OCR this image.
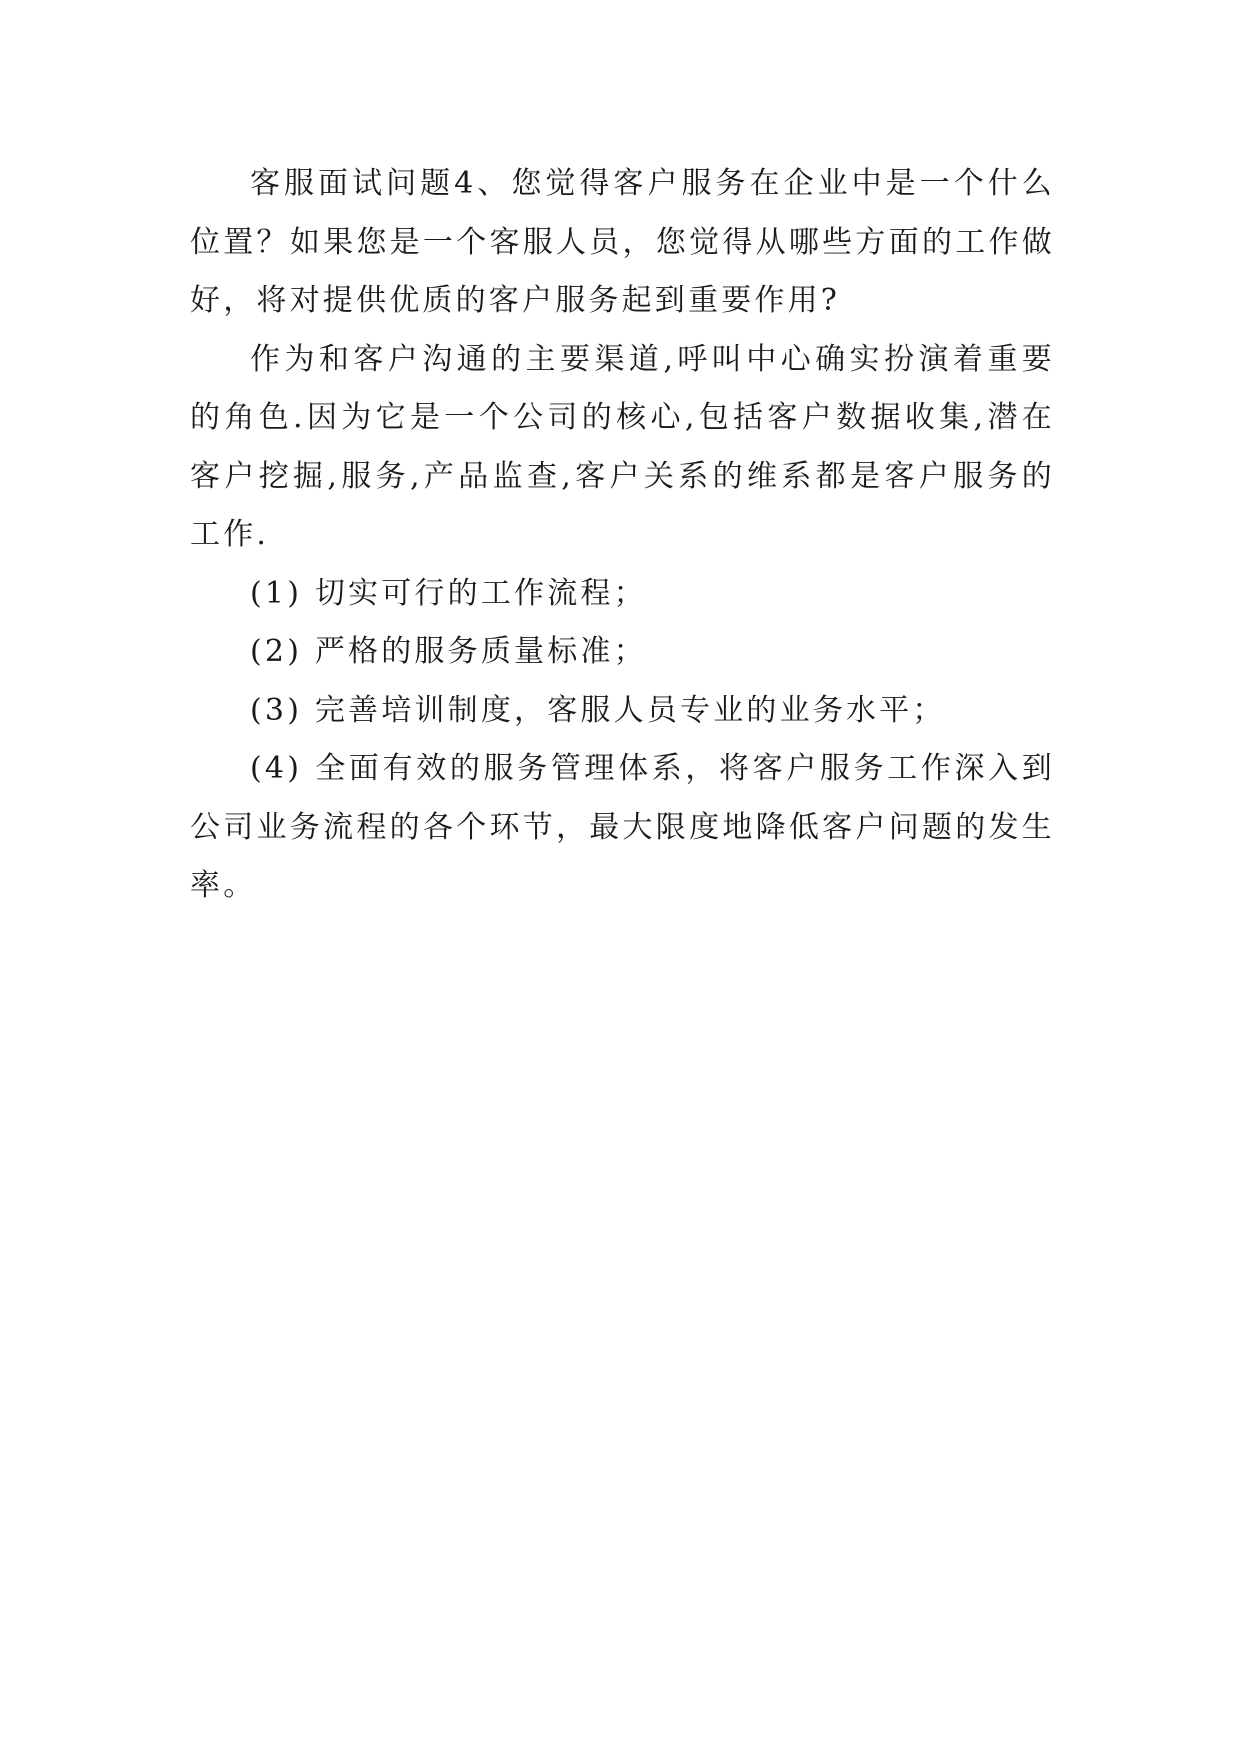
客服面试问题4、您觉得客户服务在企业中是一个什么位置？如果您是一个客服人员，您觉得从哪些方面的工作做好，将对提供优质的客户服务起到重要作用?

作为和客户沟通的主要渠道,呼叫中心确实扮演着重要的角色.因为它是一个公司的核心,包括客户数据收集,潜在客户挖掘,服务,产品监查,客户关系的维系都是客户服务的工作.

(1) 切实可行的工作流程；

(2) 严格的服务质量标准；

(3) 完善培训制度，客服人员专业的业务水平；

(4) 全面有效的服务管理体系，将客户服务工作深入到公司业务流程的各个环节，最大限度地降低客户问题的发生率。
